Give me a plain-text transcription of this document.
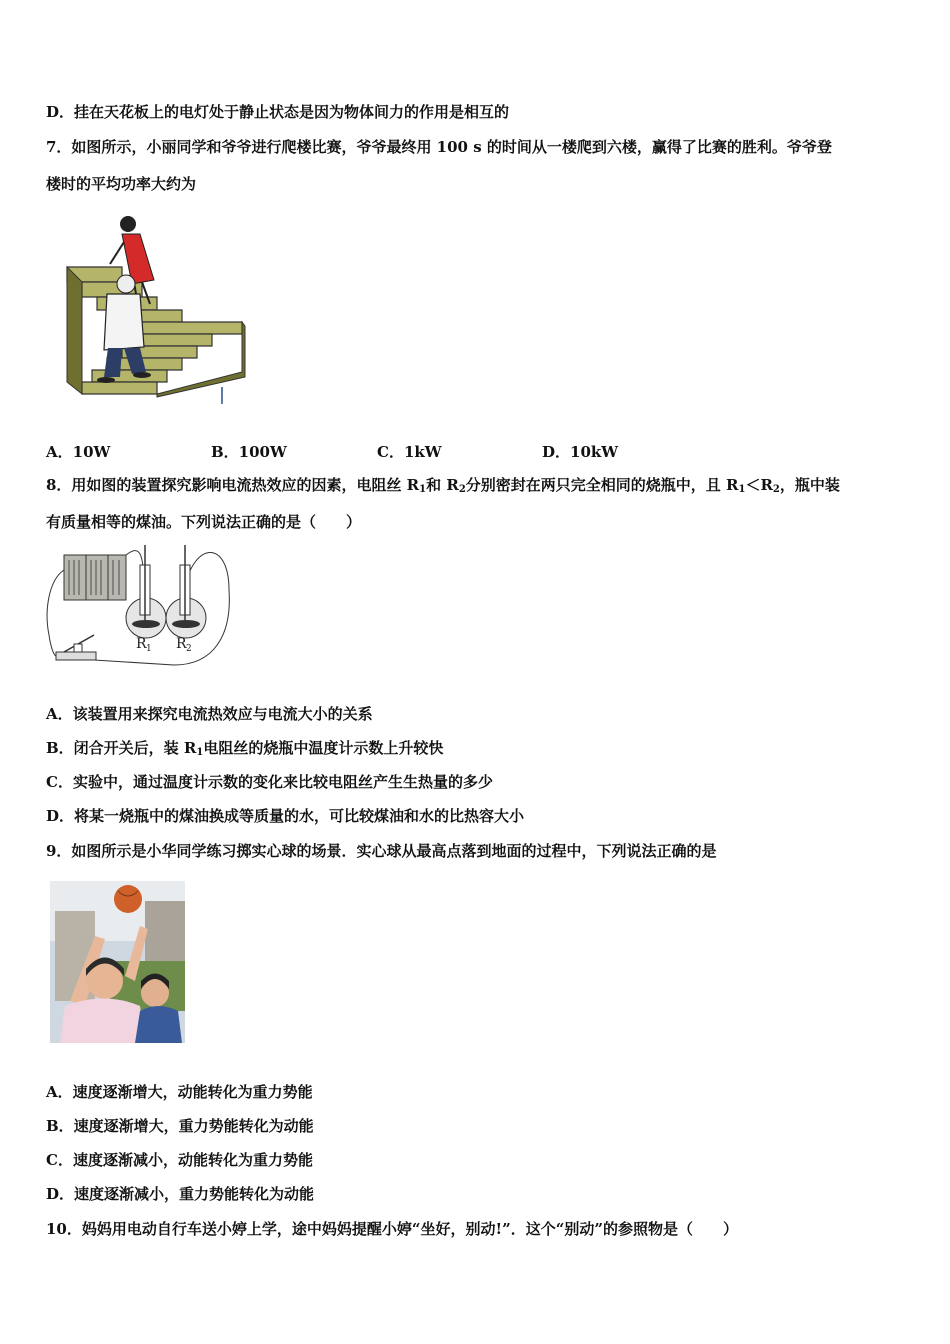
D．挂在天花板上的电灯处于静止状态是因为物体间力的作用是相互的
7．如图所示，小丽同学和爷爷进行爬楼比赛，爷爷最终用 100 s 的时间从一楼爬到六楼，赢得了比赛的胜利。爷爷登
楼时的平均功率大约为
A．10W	B．100W	C．1kW	D．10kW
8．用如图的装置探究影响电流热效应的因素，电阻丝 $R_1$和 $R_2$分别密封在两只完全相同的烧瓶中，且 $R_1<R_2$，瓶中装
有质量相等的煤油。下列说法正确的是（　　）
R 1 R 2
A．该装置用来探究电流热效应与电流大小的关系
B．闭合开关后，装 $R_1$电阻丝的烧瓶中温度计示数上升较快
C．实验中，通过温度计示数的变化来比较电阻丝产生生热量的多少
D．将某一烧瓶中的煤油换成等质量的水，可比较煤油和水的比热容大小
9．如图所示是小华同学练习掷实心球的场景．实心球从最高点落到地面的过程中，下列说法正确的是
A．速度逐渐增大，动能转化为重力势能
B．速度逐渐增大，重力势能转化为动能
C．速度逐渐减小，动能转化为重力势能
D．速度逐渐减小，重力势能转化为动能
10．妈妈用电动自行车送小婷上学，途中妈妈提醒小婷“坐好，别动!”．这个“别动”的参照物是（　　）
